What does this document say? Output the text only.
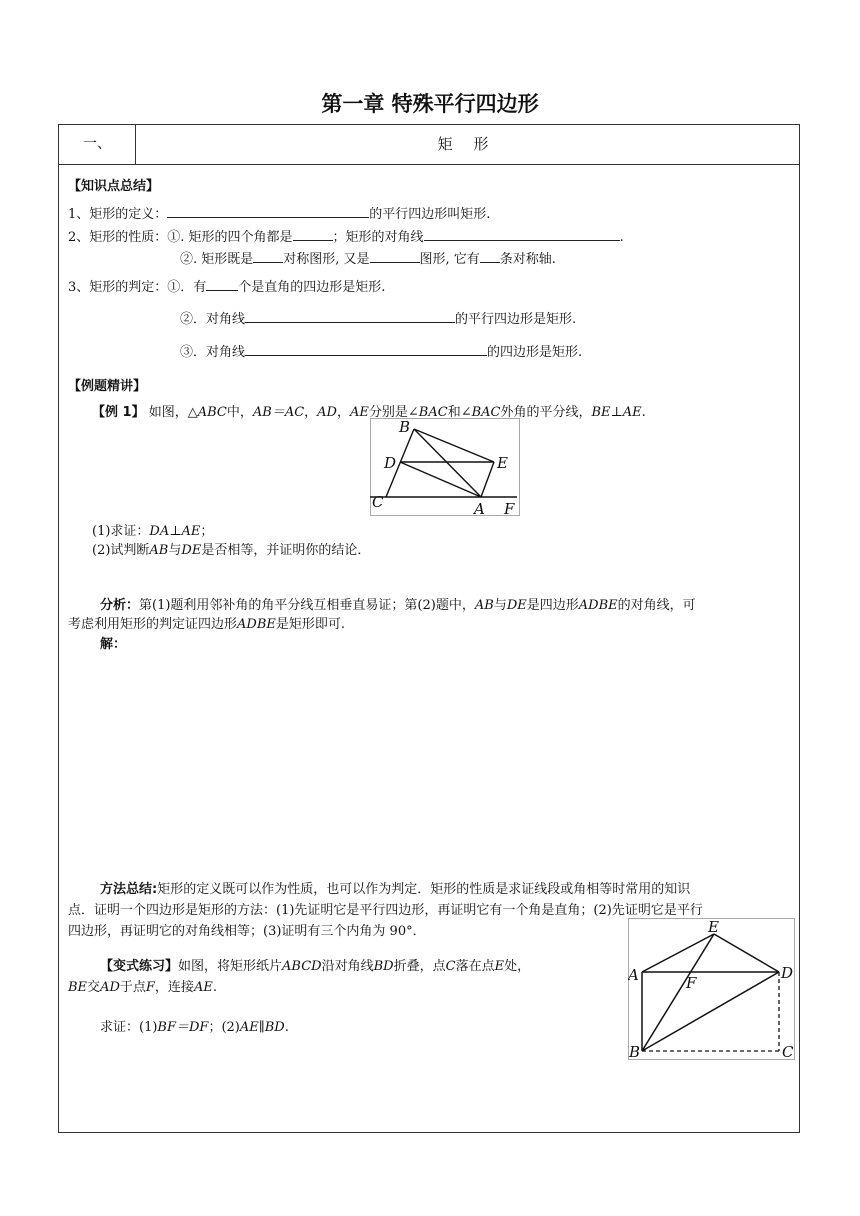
第一章 特殊平行四边形
一、	矩 形
【知识点总结】
1、矩形的定义：	的平行四边形叫矩形.
2、矩形的性质：①. 矩形的四个角都是	；矩形的对角线	.
②. 矩形既是 对称图形, 又是	图形, 它有 条对称轴.
3、矩形的判定：①．有 个是直角的四边形是矩形.
②．对角线	的平行四边形是矩形.
③．对角线	的四边形是矩形.
【例题精讲】
【例 1】 如图，△ABC中，AB＝AC，AD，AE分别是∠BAC和∠BAC外角的平分线，BE⊥AE.
B
D	E
C	A F
(1)求证：DA⊥AE；
(2)试判断AB与DE是否相等，并证明你的结论．
分析：第(1)题利用邻补角的角平分线互相垂直易证；第(2)题中，AB与DE是四边形ADBE的对角线，可
考虑利用矩形的判定证四边形ADBE是矩形即可.
解：
方法总结:矩形的定义既可以作为性质，也可以作为判定．矩形的性质是求证线段或角相等时常用的知识
点．证明一个四边形是矩形的方法：(1)先证明它是平行四边形，再证明它有一个角是直角；(2)先证明它是平行
四边形，再证明它的对角线相等；(3)证明有三个内角为 90°．
【变式练习】如图，将矩形纸片ABCD沿对角线BD折叠，点C落在点E处，
BE交AD于点F，连接AE.
求证：(1)BF＝DF；(2)AE∥BD.
E
A	D
F
B	C
